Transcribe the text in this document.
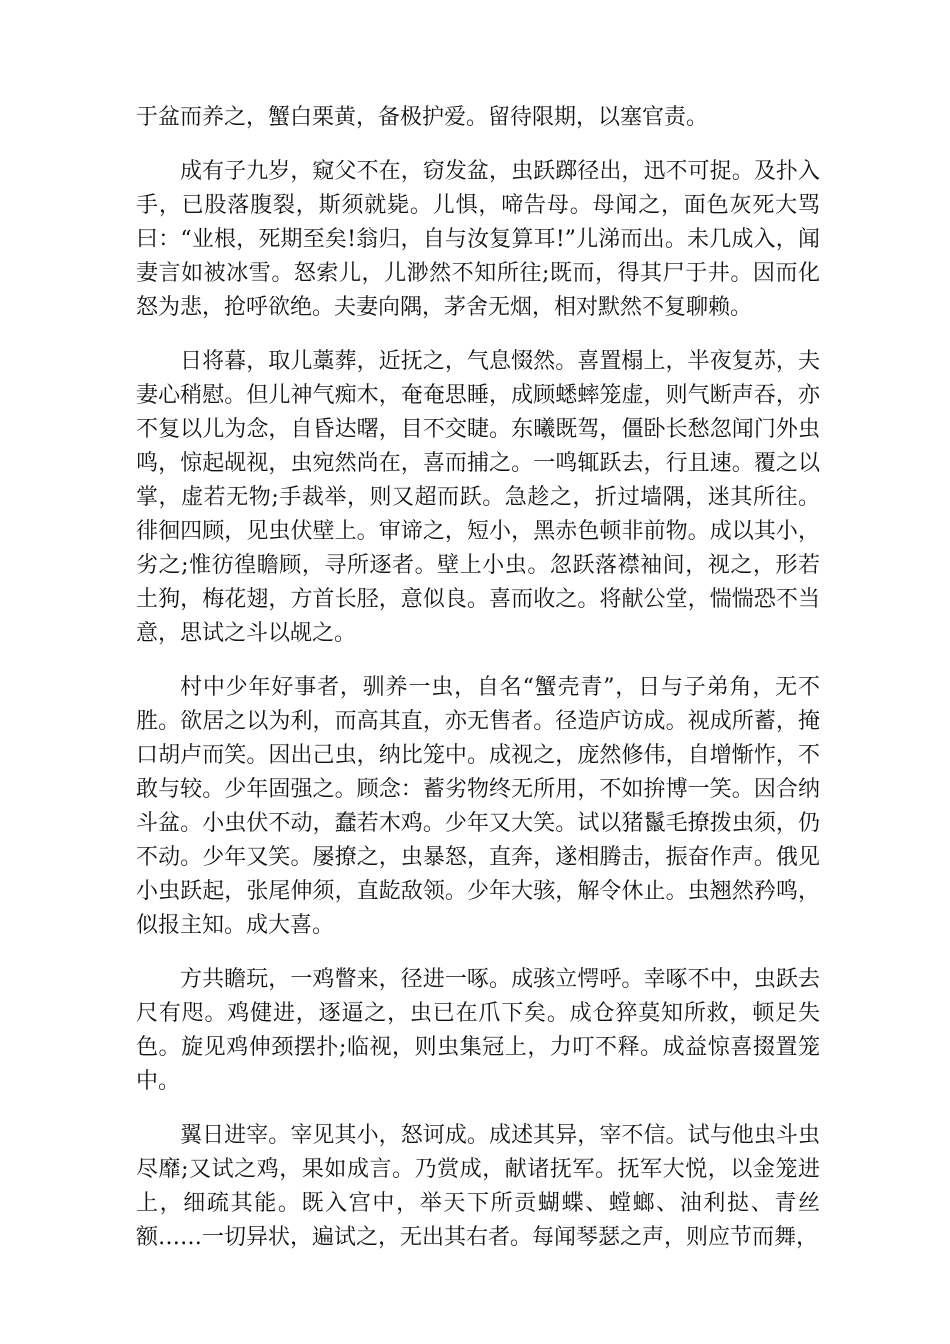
于盆而养之，蟹白栗黄，备极护爱。留待限期，以塞官责。

成有子九岁，窥父不在，窃发盆，虫跃踯径出，迅不可捉。及扑入手，已股落腹裂，斯须就毙。儿惧，啼告母。母闻之，面色灰死大骂曰：“业根，死期至矣!翁归，自与汝复算耳!”儿涕而出。未几成入，闻妻言如被冰雪。怒索儿，儿渺然不知所往;既而，得其尸于井。因而化怒为悲，抢呼欲绝。夫妻向隅，茅舍无烟，相对默然不复聊赖。

日将暮，取儿藁葬，近抚之，气息惙然。喜置榻上，半夜复苏，夫妻心稍慰。但儿神气痴木，奄奄思睡，成顾蟋蟀笼虚，则气断声吞，亦不复以儿为念，自昏达曙，目不交睫。东曦既驾，僵卧长愁忽闻门外虫鸣，惊起觇视，虫宛然尚在，喜而捕之。一鸣辄跃去，行且速。覆之以掌，虚若无物;手裁举，则又超而跃。急趁之，折过墙隅，迷其所往。徘徊四顾，见虫伏壁上。审谛之，短小，黑赤色顿非前物。成以其小，劣之;惟彷徨瞻顾，寻所逐者。壁上小虫。忽跃落襟袖间，视之，形若土狗，梅花翅，方首长胫，意似良。喜而收之。将献公堂，惴惴恐不当意，思试之斗以觇之。

村中少年好事者，驯养一虫，自名“蟹壳青”，日与子弟角，无不胜。欲居之以为利，而高其直，亦无售者。径造庐访成。视成所蓄，掩口胡卢而笑。因出己虫，纳比笼中。成视之，庞然修伟，自增惭怍，不敢与较。少年固强之。顾念：蓄劣物终无所用，不如拚博一笑。因合纳斗盆。小虫伏不动，蠢若木鸡。少年又大笑。试以猪鬣毛撩拨虫须，仍不动。少年又笑。屡撩之，虫暴怒，直奔，遂相腾击，振奋作声。俄见小虫跃起，张尾伸须，直龁敌领。少年大骇，解令休止。虫翘然矜鸣，似报主知。成大喜。

方共瞻玩，一鸡瞥来，径进一啄。成骇立愕呼。幸啄不中，虫跃去尺有咫。鸡健进，逐逼之，虫已在爪下矣。成仓猝莫知所救，顿足失色。旋见鸡伸颈摆扑;临视，则虫集冠上，力叮不释。成益惊喜掇置笼中。

翼日进宰。宰见其小，怒诃成。成述其异，宰不信。试与他虫斗虫尽靡;又试之鸡，果如成言。乃赏成，献诸抚军。抚军大悦，以金笼进上，细疏其能。既入宫中，举天下所贡蝴蝶、螳螂、油利挞、青丝额……一切异状，遍试之，无出其右者。每闻琴瑟之声，则应节而舞，
